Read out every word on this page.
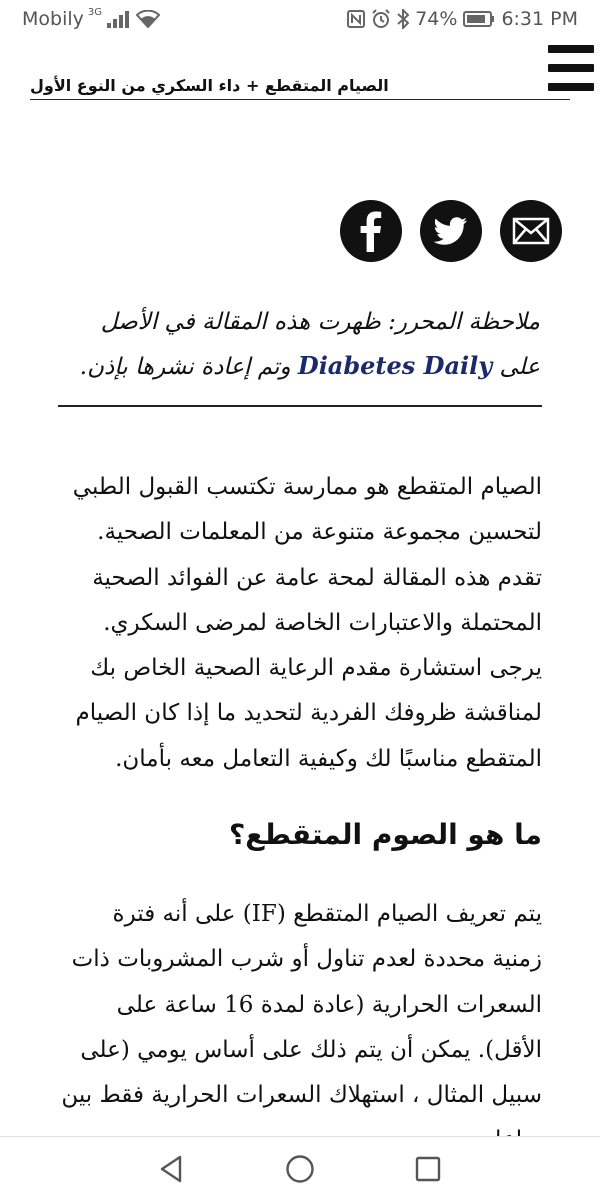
Mobily 3G	74% 6:31 PM
الصيام المتقطع + داء السكري من النوع الأول
ملاحظة المحرر: ظهرت هذه المقالة في الأصل على Diabetes Daily وتم إعادة نشرها بإذن.

الصيام المتقطع هو ممارسة تكتسب القبول الطبي لتحسين مجموعة متنوعة من المعلمات الصحية. تقدم هذه المقالة لمحة عامة عن الفوائد الصحية المحتملة والاعتبارات الخاصة لمرضى السكري. يرجى استشارة مقدم الرعاية الصحية الخاص بك لمناقشة ظروفك الفردية لتحديد ما إذا كان الصيام المتقطع مناسبًا لك وكيفية التعامل معه بأمان.

ما هو الصوم المتقطع؟

يتم تعريف الصيام المتقطع (IF) على أنه فترة زمنية محددة لعدم تناول أو شرب المشروبات ذات السعرات الحرارية (عادة لمدة 16 ساعة على الأقل). يمكن أن يتم ذلك على أساس يومي (على سبيل المثال ، استهلاك السعرات الحرارية فقط بين
